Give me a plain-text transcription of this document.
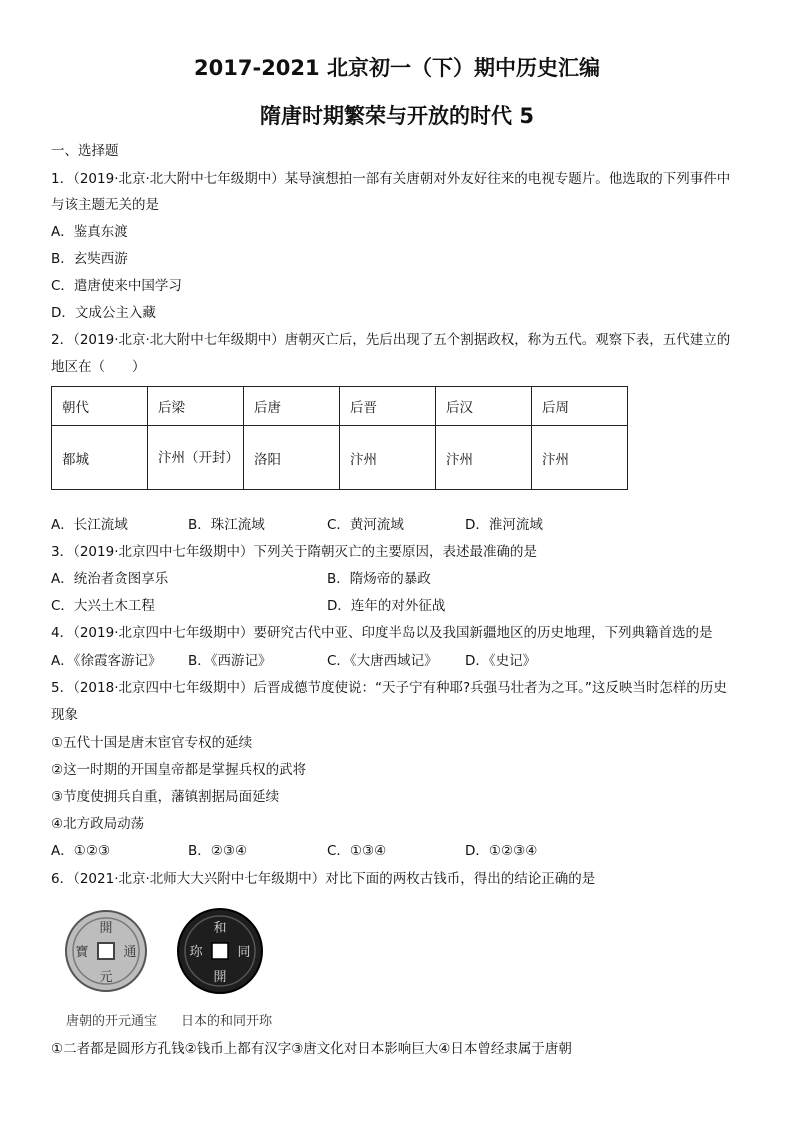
2017-2021 北京初一（下）期中历史汇编
隋唐时期繁荣与开放的时代 5
一、选择题
1．（2019·北京·北大附中七年级期中）某导演想拍一部有关唐朝对外友好往来的电视专题片。他选取的下列事件中
与该主题无关的是
A．鉴真东渡
B．玄奘西游
C．遣唐使来中国学习
D．文成公主入藏
2．（2019·北京·北大附中七年级期中）唐朝灭亡后，先后出现了五个割据政权，称为五代。观察下表，五代建立的
地区在（　　）
朝代	后梁	后唐	后晋	后汉	后周
都城	汴州（开封）	洛阳	汴州	汴州	汴州
A．长江流域	B．珠江流域	C．黄河流域	D．淮河流域
3．（2019·北京四中七年级期中）下列关于隋朝灭亡的主要原因，表述最准确的是
A．统治者贪图享乐	B．隋炀帝的暴政
C．大兴土木工程	D．连年的对外征战
4．（2019·北京四中七年级期中）要研究古代中亚、印度半岛以及我国新疆地区的历史地理，下列典籍首选的是
A．《徐霞客游记》 B．《西游记》	C．《大唐西域记》 D．《史记》
5．（2018·北京四中七年级期中）后晋成德节度使说：“天子宁有种耶?兵强马壮者为之耳。”这反映当时怎样的历史
现象
①五代十国是唐末宦官专权的延续
②这一时期的开国皇帝都是掌握兵权的武将
③节度使拥兵自重，藩镇割据局面延续
④北方政局动荡
A．①②③	B．②③④	C．①③④	D．①②③④
6．（2021·北京·北师大大兴附中七年级期中）对比下面的两枚古钱币，得出的结论正确的是
開
元
寶	通
和
開
珎	同
唐朝的开元通宝 日本的和同开珎
①二者都是圆形方孔钱②钱币上都有汉字③唐文化对日本影响巨大④日本曾经隶属于唐朝
